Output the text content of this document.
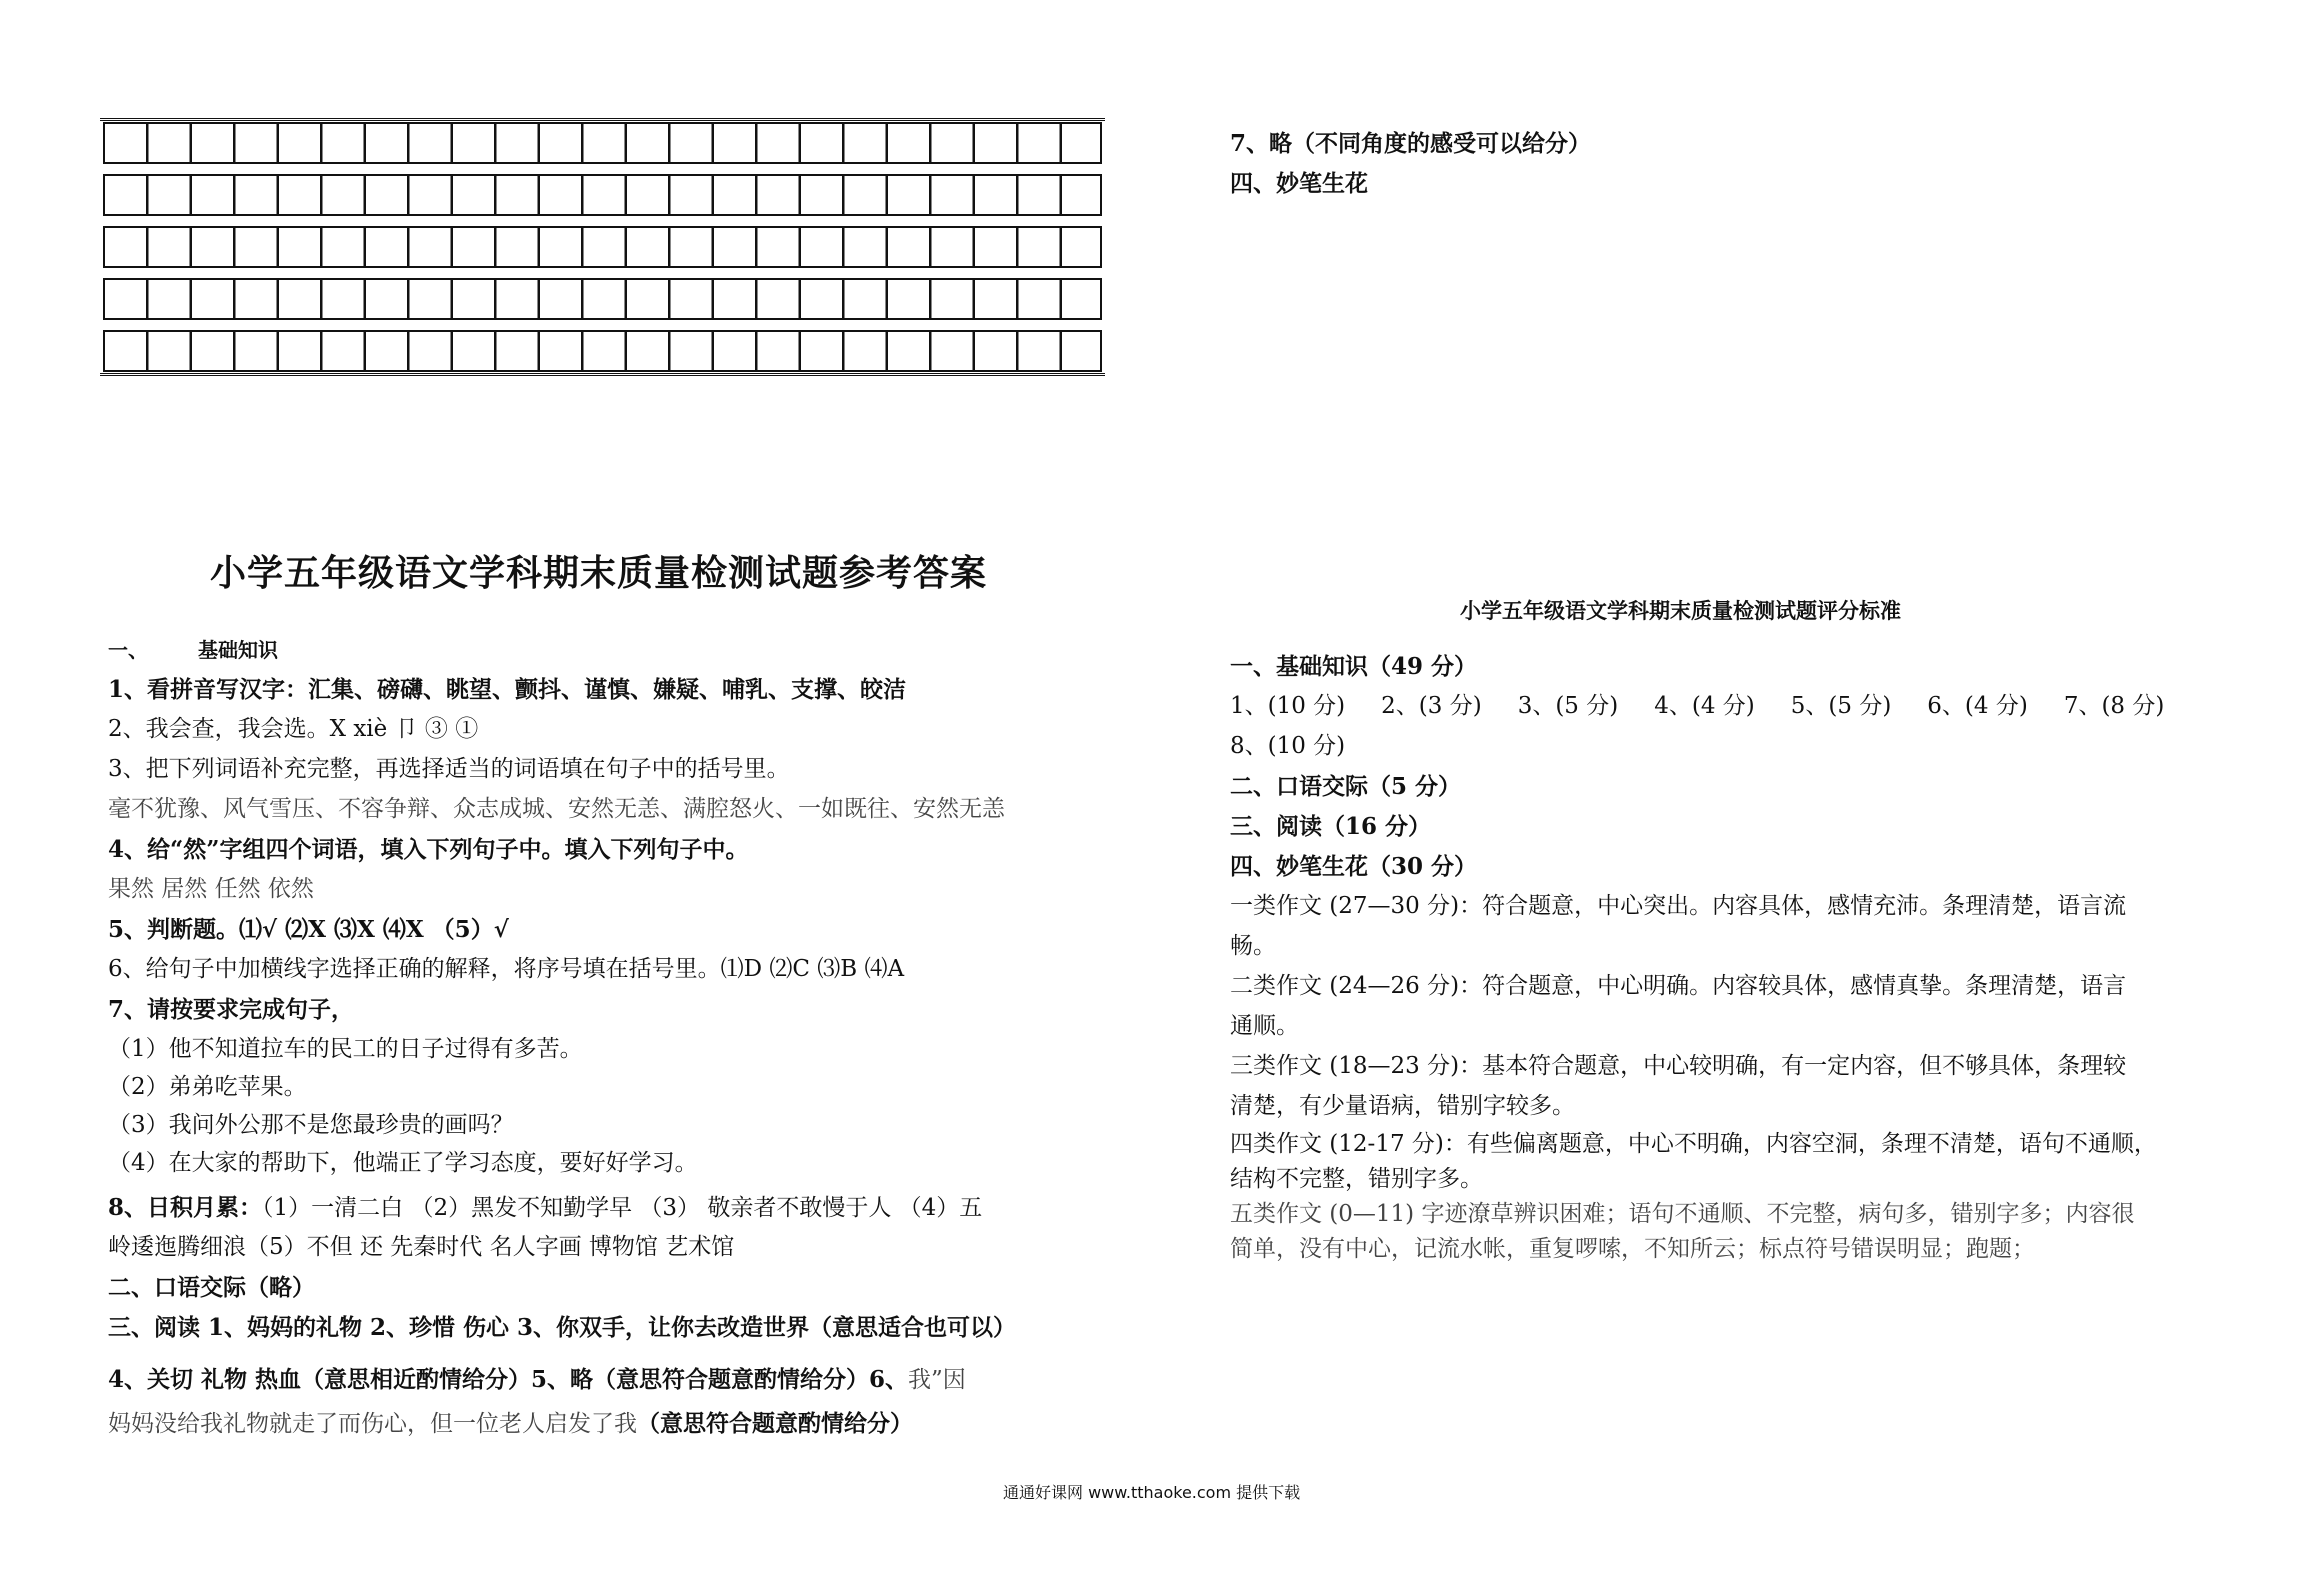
小学五年级语文学科期末质量检测试题参考答案
一、	基础知识
1、看拼音写汉字：汇集、磅礴、眺望、颤抖、谨慎、嫌疑、哺乳、支撑、皎洁
2、我会查，我会选。X xiè 卩 ③ ①
3、把下列词语补充完整，再选择适当的词语填在句子中的括号里。
毫不犹豫、风气雪压、不容争辩、众志成城、安然无恙、满腔怒火、一如既往、安然无恙
4、给“然”字组四个词语，填入下列句子中。填入下列句子中。
果然 居然 任然 依然
5、判断题。⑴√ ⑵X ⑶X ⑷X （5）√
6、给句子中加横线字选择正确的解释，将序号填在括号里。⑴D ⑵C ⑶B ⑷A
7、请按要求完成句子，
（1）他不知道拉车的民工的日子过得有多苦。
（2）弟弟吃苹果。
（3）我问外公那不是您最珍贵的画吗？
（4）在大家的帮助下，他端正了学习态度，要好好学习。
8、日积月累：（1）一清二白 （2）黑发不知勤学早 （3） 敬亲者不敢慢于人 （4）五
岭逶迤腾细浪（5）不但 还 先秦时代 名人字画 博物馆 艺术馆
二、口语交际（略）
三、阅读 1、妈妈的礼物 2、珍惜 伤心 3、你双手，让你去改造世界（意思适合也可以）
4、关切 礼物 热血（意思相近酌情给分）5、略（意思符合题意酌情给分）6、我”因
妈妈没给我礼物就走了而伤心，但一位老人启发了我（意思符合题意酌情给分）
7、略（不同角度的感受可以给分）
四、妙笔生花
小学五年级语文学科期末质量检测试题评分标准
一、基础知识（49 分）
1、(10 分) 2、(3 分) 3、(5 分) 4、(4 分) 5、(5 分) 6、(4 分) 7、(8 分)
8、(10 分)
二、口语交际（5 分）
三、阅读（16 分）
四、妙笔生花（30 分）
一类作文 (27—30 分)：符合题意，中心突出。内容具体，感情充沛。条理清楚，语言流
畅。
二类作文 (24—26 分)：符合题意，中心明确。内容较具体，感情真挚。条理清楚，语言
通顺。
三类作文 (18—23 分)：基本符合题意，中心较明确，有一定内容，但不够具体，条理较
清楚，有少量语病，错别字较多。
四类作文 (12-17 分)：有些偏离题意，中心不明确，内容空洞，条理不清楚，语句不通顺，
结构不完整，错别字多。
五类作文 (0—11) 字迹潦草辨识困难；语句不通顺、不完整，病句多，错别字多；内容很
简单，没有中心，记流水帐，重复啰嗦，不知所云；标点符号错误明显；跑题；
通通好课网 www.tthaoke.com 提供下载
